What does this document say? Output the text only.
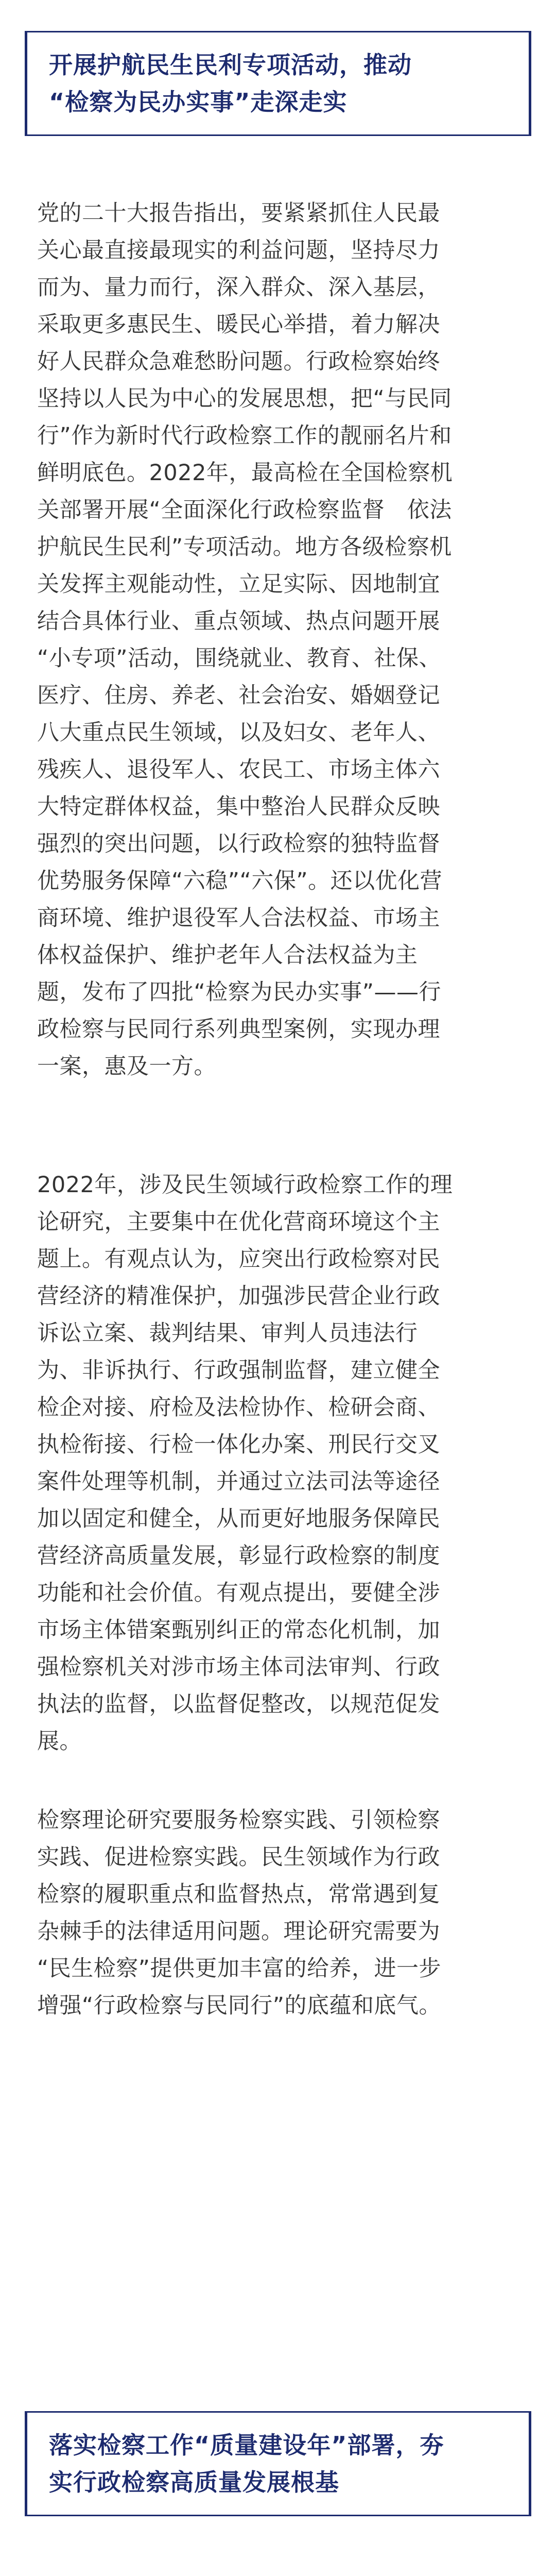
开展护航民生民利专项活动，推动
“检察为民办实事”走深走实
党的二十大报告指出，要紧紧抓住人民最
关心最直接最现实的利益问题，坚持尽力
而为、量力而行，深入群众、深入基层，
采取更多惠民生、暖民心举措，着力解决
好人民群众急难愁盼问题。行政检察始终
坚持以人民为中心的发展思想，把“与民同
行”作为新时代行政检察工作的靓丽名片和
鲜明底色。2022年，最高检在全国检察机
关部署开展“全面深化行政检察监督　依法
护航民生民利”专项活动。地方各级检察机
关发挥主观能动性，立足实际、因地制宜
结合具体行业、重点领域、热点问题开展
“小专项”活动，围绕就业、教育、社保、
医疗、住房、养老、社会治安、婚姻登记
八大重点民生领域，以及妇女、老年人、
残疾人、退役军人、农民工、市场主体六
大特定群体权益，集中整治人民群众反映
强烈的突出问题，以行政检察的独特监督
优势服务保障“六稳”“六保”。还以优化营
商环境、维护退役军人合法权益、市场主
体权益保护、维护老年人合法权益为主
题，发布了四批“检察为民办实事”——行
政检察与民同行系列典型案例，实现办理
一案，惠及一方。
2022年，涉及民生领域行政检察工作的理
论研究，主要集中在优化营商环境这个主
题上。有观点认为，应突出行政检察对民
营经济的精准保护，加强涉民营企业行政
诉讼立案、裁判结果、审判人员违法行
为、非诉执行、行政强制监督，建立健全
检企对接、府检及法检协作、检研会商、
执检衔接、行检一体化办案、刑民行交叉
案件处理等机制，并通过立法司法等途径
加以固定和健全，从而更好地服务保障民
营经济高质量发展，彰显行政检察的制度
功能和社会价值。有观点提出，要健全涉
市场主体错案甄别纠正的常态化机制，加
强检察机关对涉市场主体司法审判、行政
执法的监督，以监督促整改，以规范促发
展。
检察理论研究要服务检察实践、引领检察
实践、促进检察实践。民生领域作为行政
检察的履职重点和监督热点，常常遇到复
杂棘手的法律适用问题。理论研究需要为
“民生检察”提供更加丰富的给养，进一步
增强“行政检察与民同行”的底蕴和底气。
落实检察工作“质量建设年”部署，夯
实行政检察高质量发展根基
